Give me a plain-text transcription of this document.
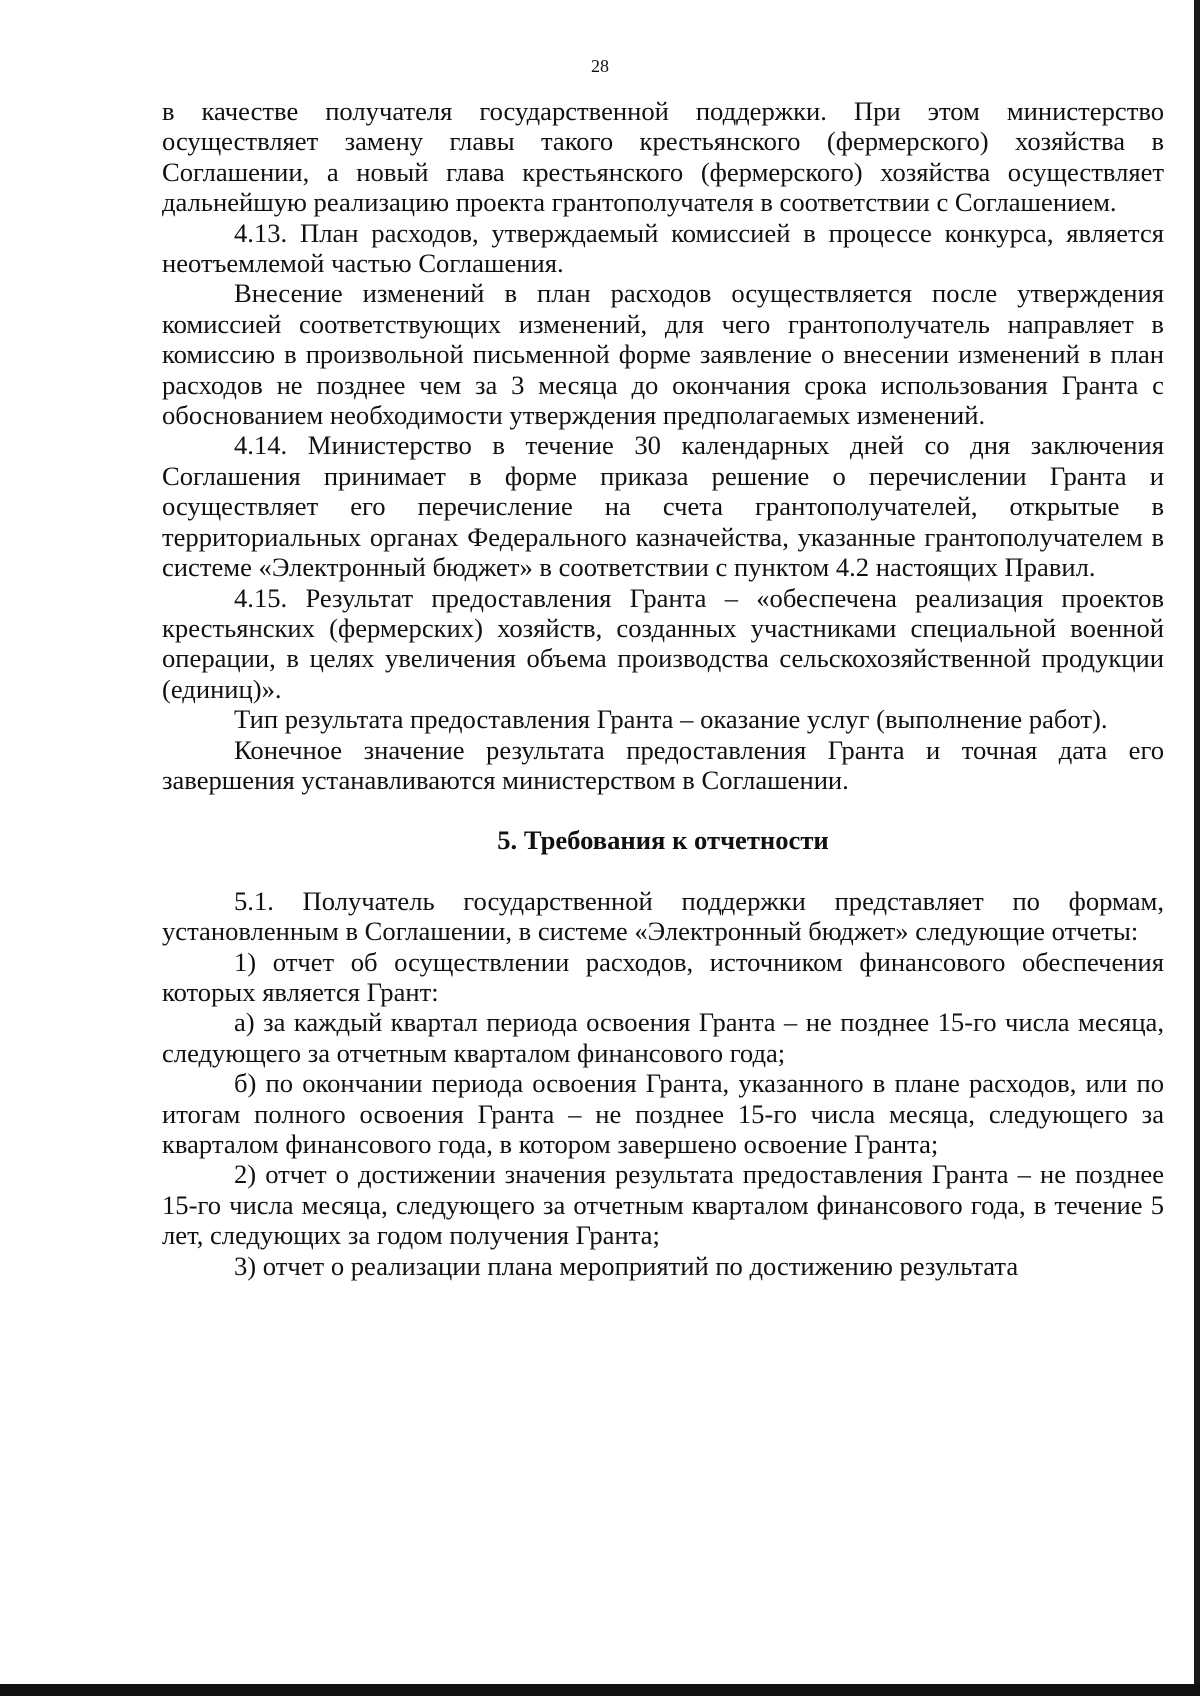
28

в качестве получателя государственной поддержки. При этом министерство осуществляет замену главы такого крестьянского (фермерского) хозяйства в Соглашении, а новый глава крестьянского (фермерского) хозяйства осуществляет дальнейшую реализацию проекта грантополучателя в соответствии с Соглашением.

4.13. План расходов, утверждаемый комиссией в процессе конкурса, является неотъемлемой частью Соглашения.

Внесение изменений в план расходов осуществляется после утверждения комиссией соответствующих изменений, для чего грантополучатель направляет в комиссию в произвольной письменной форме заявление о внесении изменений в план расходов не позднее чем за 3 месяца до окончания срока использования Гранта с обоснованием необходимости утверждения предполагаемых изменений.

4.14. Министерство в течение 30 календарных дней со дня заключения Соглашения принимает в форме приказа решение о перечислении Гранта и осуществляет его перечисление на счета грантополучателей, открытые в территориальных органах Федерального казначейства, указанные грантополучателем в системе «Электронный бюджет» в соответствии с пунктом 4.2 настоящих Правил.

4.15. Результат предоставления Гранта – «обеспечена реализация проектов крестьянских (фермерских) хозяйств, созданных участниками специальной военной операции, в целях увеличения объема производства сельскохозяйственной продукции (единиц)».

Тип результата предоставления Гранта – оказание услуг (выполнение работ).

Конечное значение результата предоставления Гранта и точная дата его завершения устанавливаются министерством в Соглашении.

5. Требования к отчетности

5.1. Получатель государственной поддержки представляет по формам, установленным в Соглашении, в системе «Электронный бюджет» следующие отчеты:

1) отчет об осуществлении расходов, источником финансового обеспечения которых является Грант:

а) за каждый квартал периода освоения Гранта – не позднее 15-го числа месяца, следующего за отчетным кварталом финансового года;

б) по окончании периода освоения Гранта, указанного в плане расходов, или по итогам полного освоения Гранта – не позднее 15-го числа месяца, следующего за кварталом финансового года, в котором завершено освоение Гранта;

2) отчет о достижении значения результата предоставления Гранта – не позднее 15-го числа месяца, следующего за отчетным кварталом финансового года, в течение 5 лет, следующих за годом получения Гранта;

3) отчет о реализации плана мероприятий по достижению результата
